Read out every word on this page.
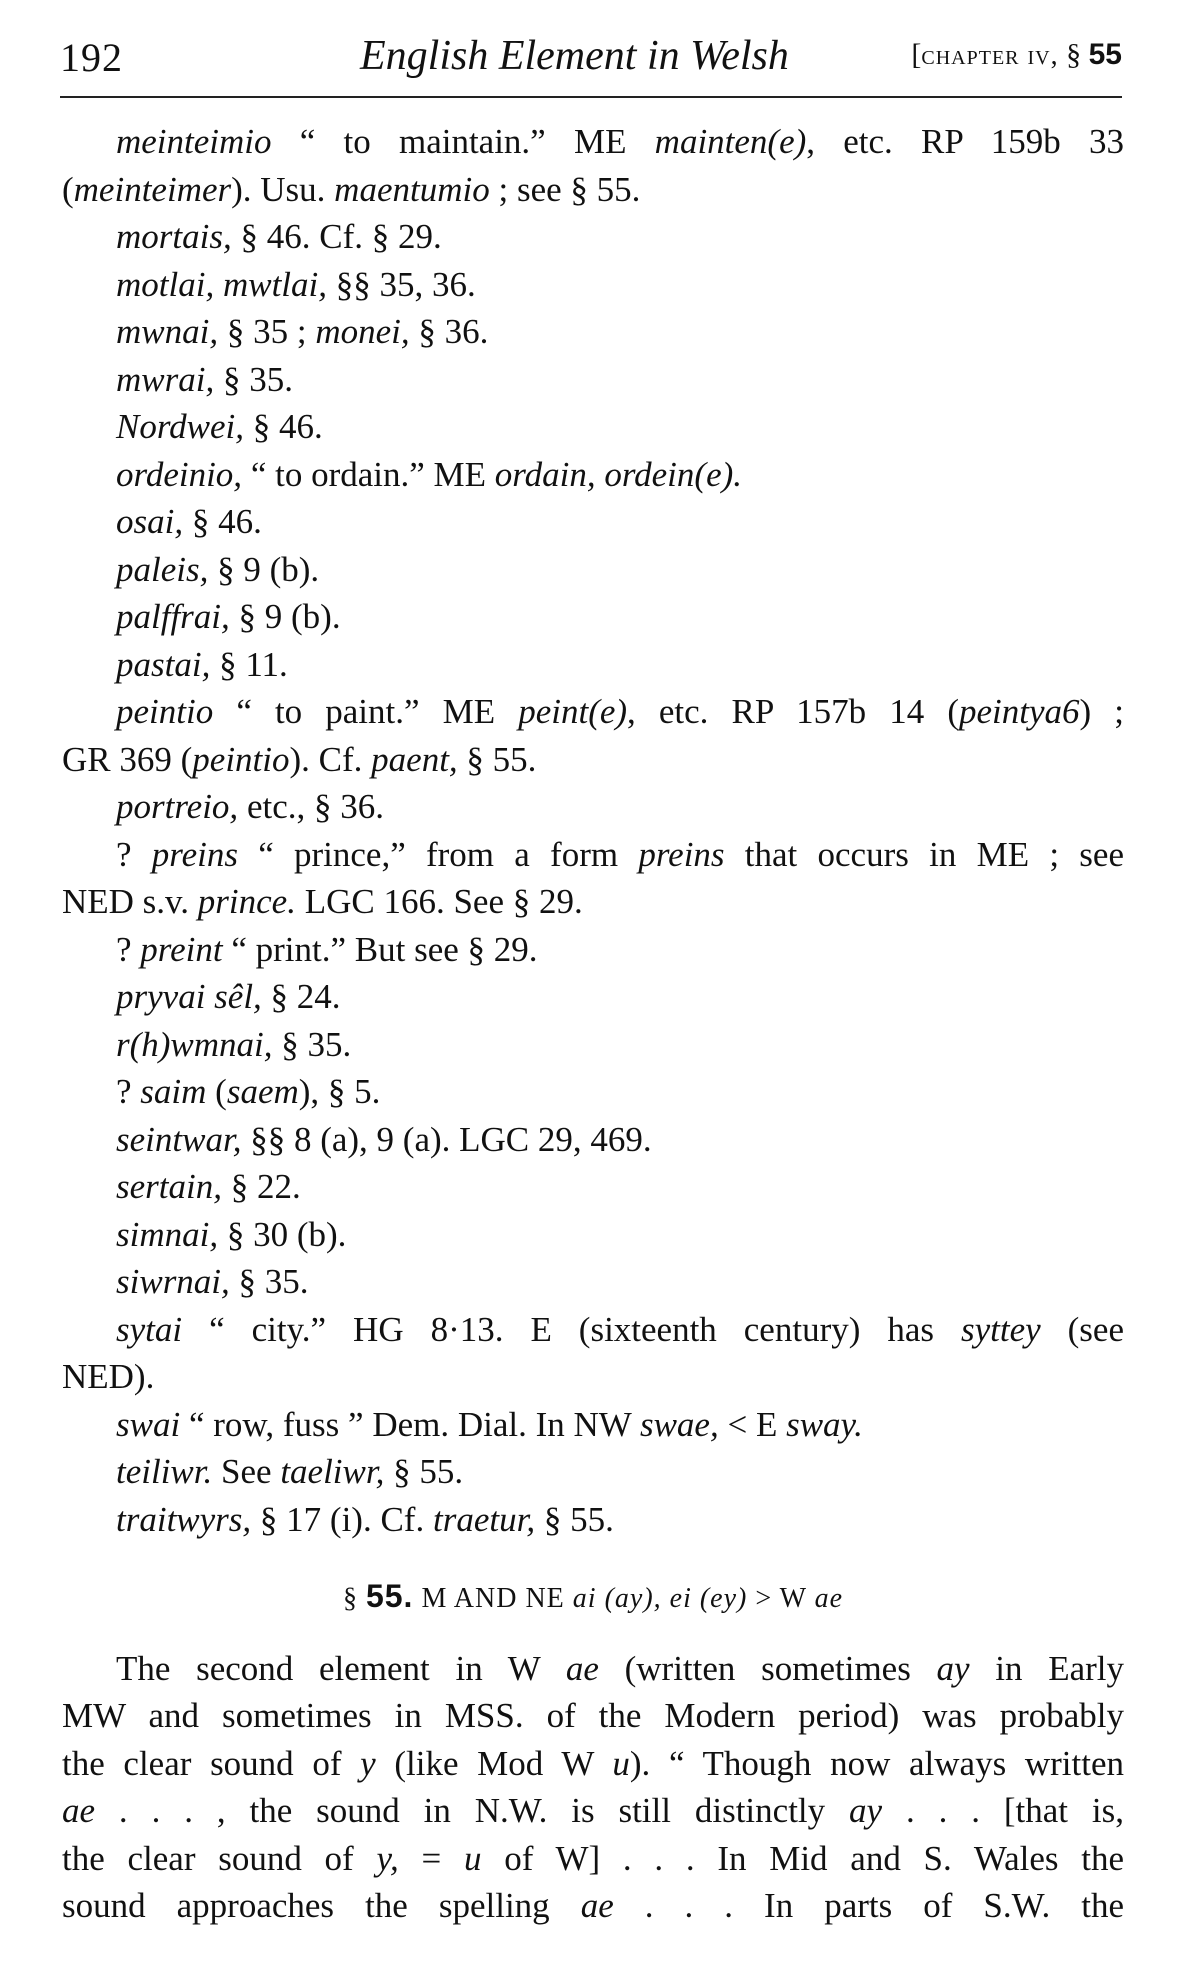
192	English Element in Welsh	[chapter iv, § 55
meinteimio “ to maintain.” ME mainten(e), etc. RP 159b 33
(meinteimer). Usu. maentumio ; see § 55.
mortais, § 46. Cf. § 29.
motlai, mwtlai, §§ 35, 36.
mwnai, § 35 ; monei, § 36.
mwrai, § 35.
Nordwei, § 46.
ordeinio, “ to ordain.” ME ordain, ordein(e).
osai, § 46.
paleis, § 9 (b).
palffrai, § 9 (b).
pastai, § 11.
peintio “ to paint.” ME peint(e), etc. RP 157b 14 (peintya6) ;
GR 369 (peintio). Cf. paent, § 55.
portreio, etc., § 36.
? preins “ prince,” from a form preins that occurs in ME ; see
NED s.v. prince. LGC 166. See § 29.
? preint “ print.” But see § 29.
pryvai sêl, § 24.
r(h)wmnai, § 35.
? saim (saem), § 5.
seintwar, §§ 8 (a), 9 (a). LGC 29, 469.
sertain, § 22.
simnai, § 30 (b).
siwrnai, § 35.
sytai “ city.” HG 8·13. E (sixteenth century) has syttey (see
NED).
swai “ row, fuss ” Dem. Dial. In NW swae, < E sway.
teiliwr. See taeliwr, § 55.
traitwyrs, § 17 (i). Cf. traetur, § 55.
§ 55. M AND NE ai (ay), ei (ey) > W ae
The second element in W ae (written sometimes ay in Early
MW and sometimes in MSS. of the Modern period) was probably
the clear sound of y (like Mod W u). “ Though now always written
ae . . . , the sound in N.W. is still distinctly ay . . . [that is,
the clear sound of y, = u of W] . . . In Mid and S. Wales the
sound approaches the spelling ae . . . In parts of S.W. the
